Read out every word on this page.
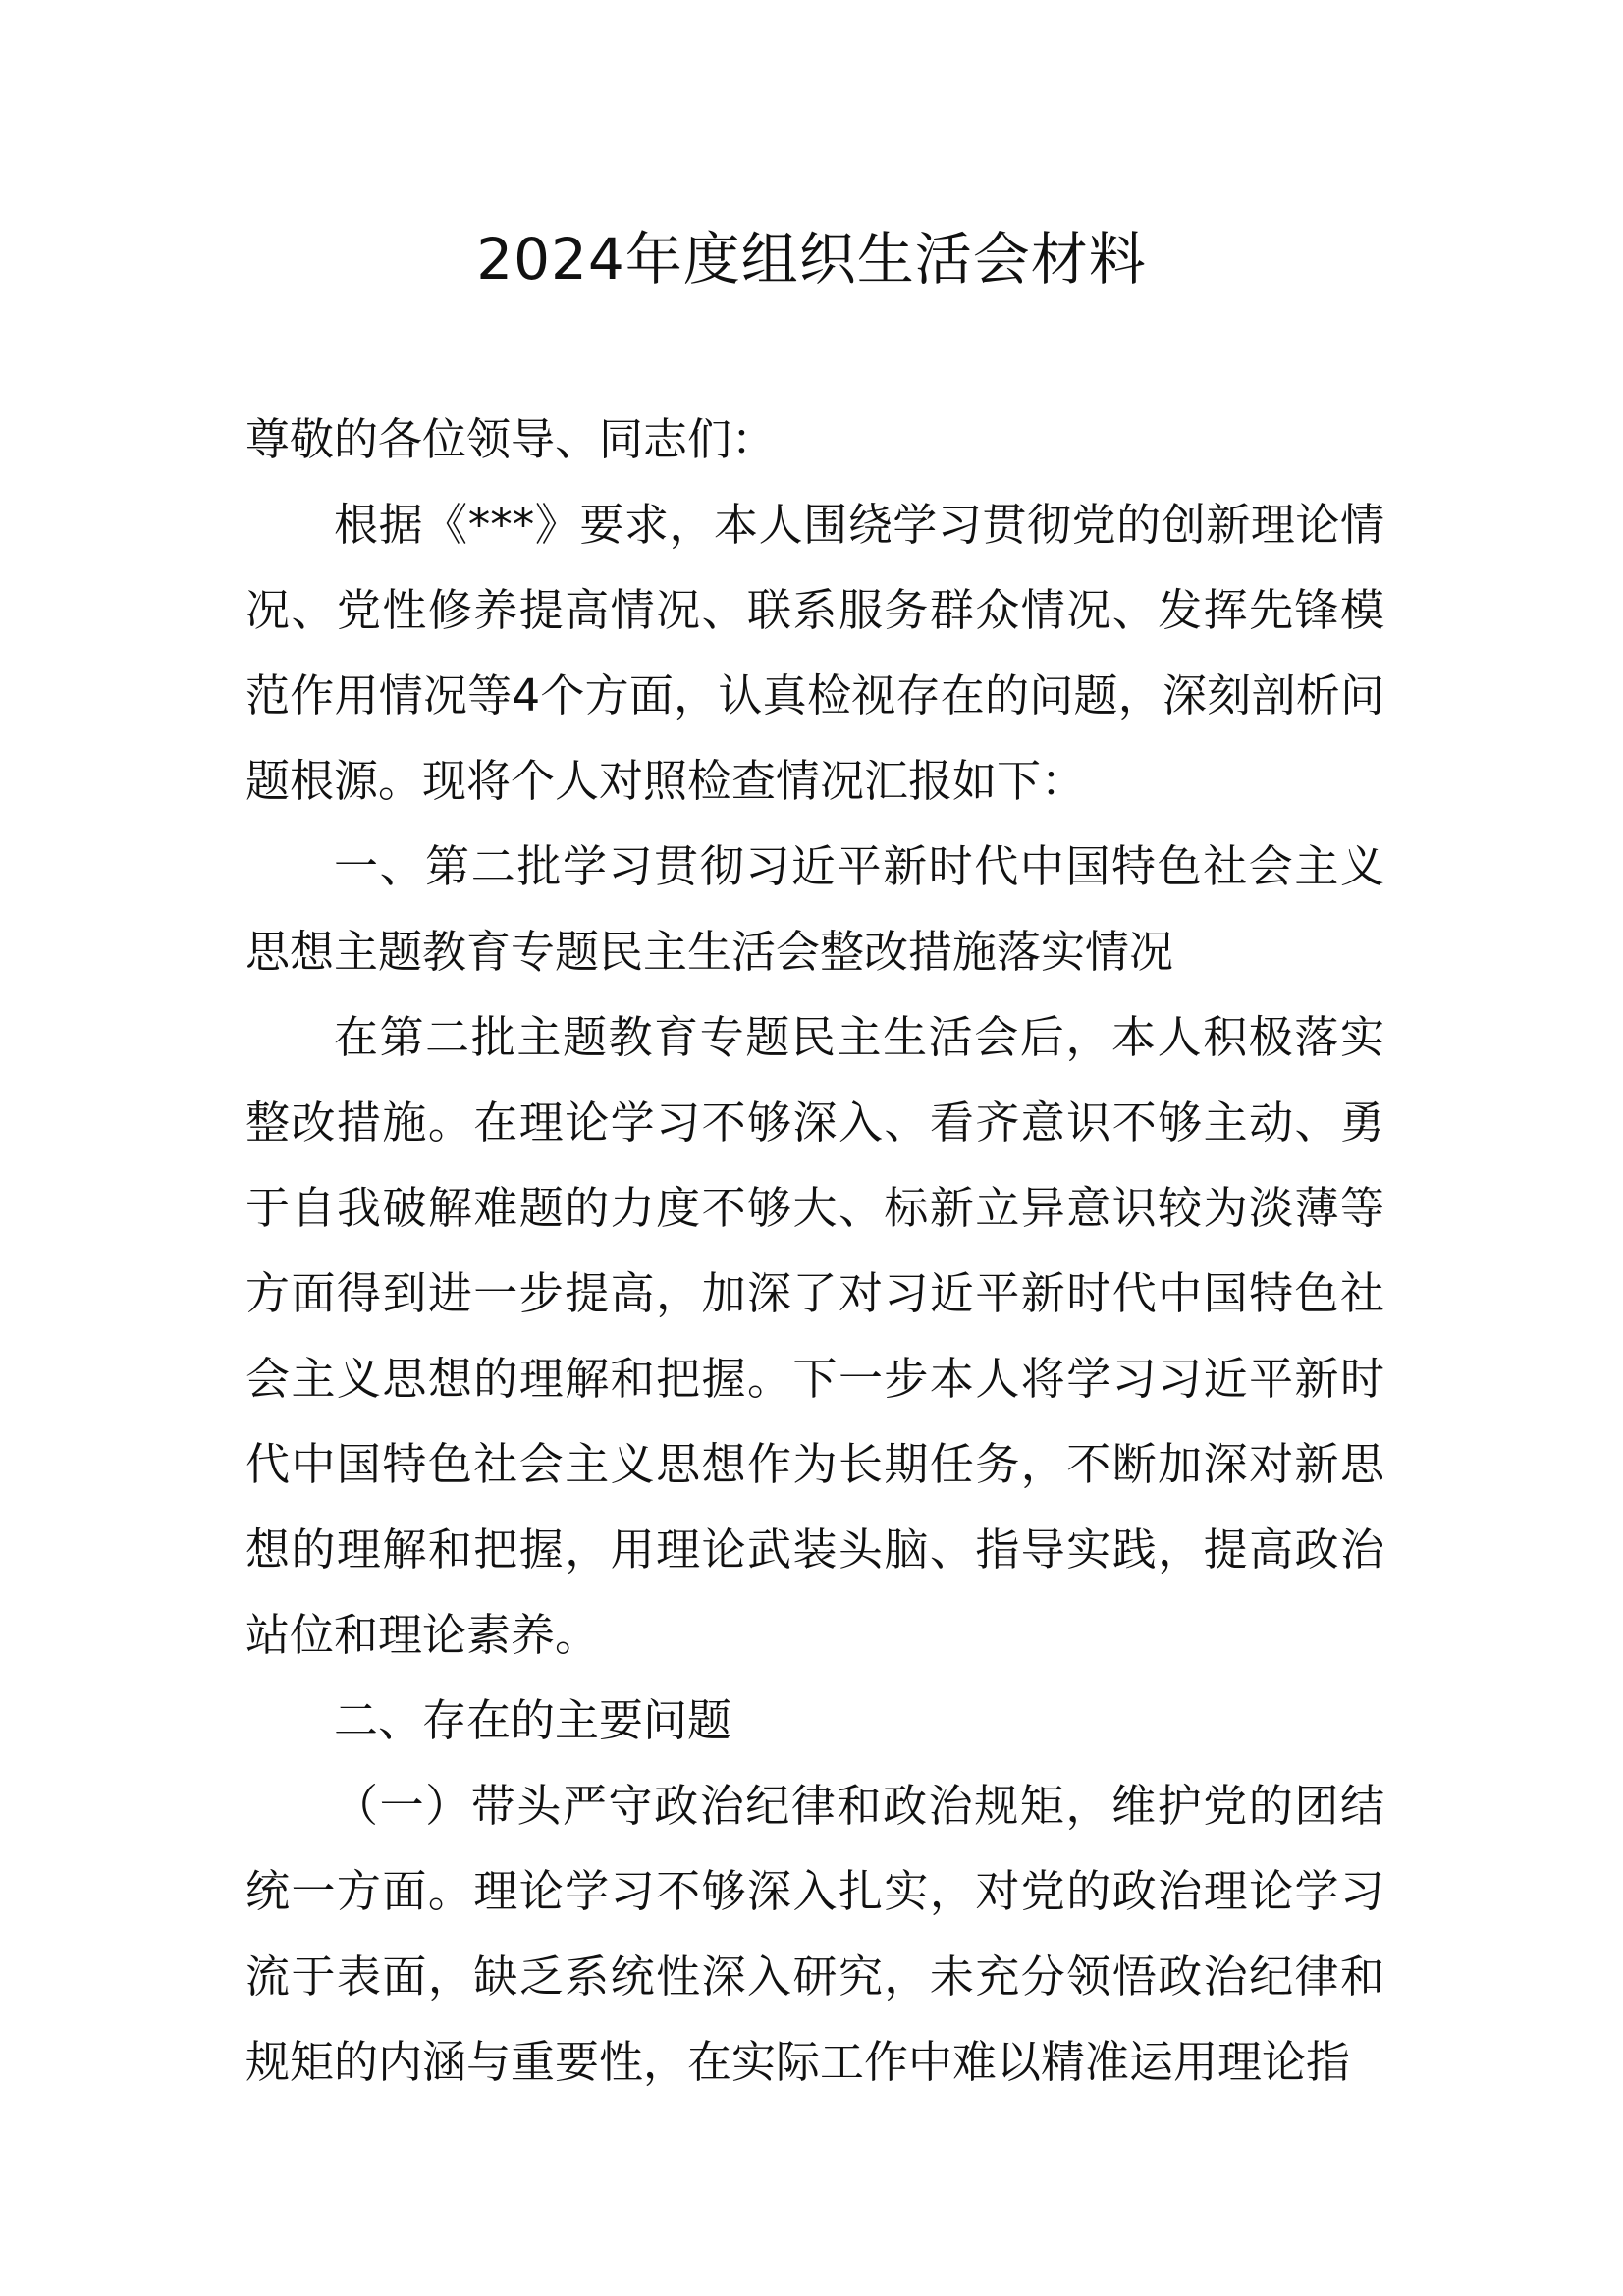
2024年度组织生活会材料

尊敬的各位领导、同志们：

根据《***》要求，本人围绕学习贯彻党的创新理论情况、党性修养提高情况、联系服务群众情况、发挥先锋模范作用情况等4个方面，认真检视存在的问题，深刻剖析问题根源。现将个人对照检查情况汇报如下：

一、第二批学习贯彻习近平新时代中国特色社会主义思想主题教育专题民主生活会整改措施落实情况

在第二批主题教育专题民主生活会后，本人积极落实整改措施。在理论学习不够深入、看齐意识不够主动、勇于自我破解难题的力度不够大、标新立异意识较为淡薄等方面得到进一步提高，加深了对习近平新时代中国特色社会主义思想的理解和把握。下一步本人将学习习近平新时代中国特色社会主义思想作为长期任务，不断加深对新思想的理解和把握，用理论武装头脑、指导实践，提高政治站位和理论素养。

二、存在的主要问题

（一）带头严守政治纪律和政治规矩，维护党的团结统一方面。理论学习不够深入扎实，对党的政治理论学习流于表面，缺乏系统性深入研究，未充分领悟政治纪律和规矩的内涵与重要性，在实际工作中难以精准运用理论指
